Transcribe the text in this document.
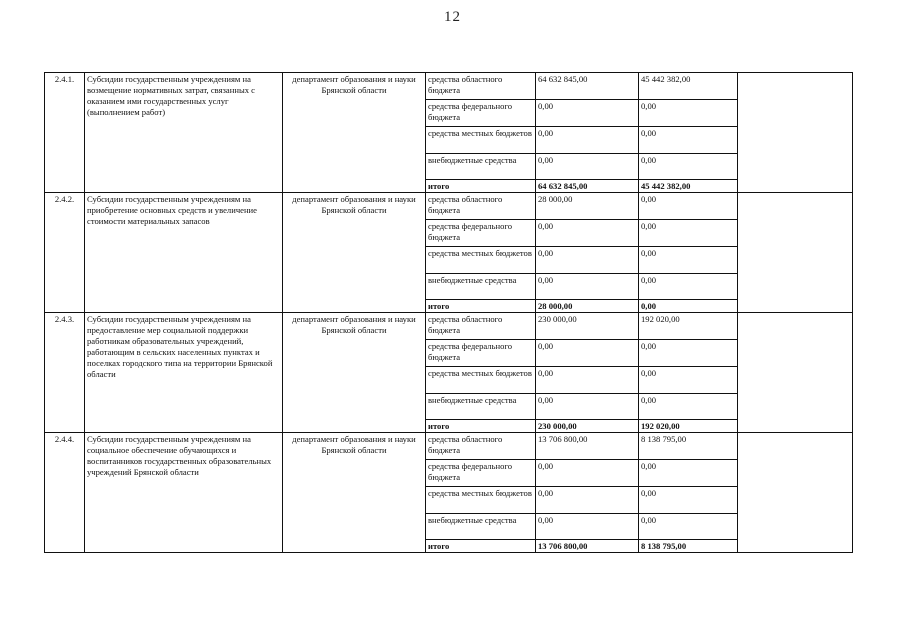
12
2.4.1.	Субсидии государственным учреждениям на возмещение нормативных затрат, связанных с оказанием ими государственных услуг (выполнением работ)	департамент образования и науки Брянской области	средства областного бюджета	64 632 845,00	45 442 382,00	
			средства федерального бюджета	0,00	0,00	
			средства местных бюджетов	0,00	0,00	
			внебюджетные средства	0,00	0,00	
			итого	64 632 845,00	45 442 382,00	
2.4.2.	Субсидии государственным учреждениям на приобретение основных средств и увеличение стоимости материальных запасов	департамент образования и науки Брянской области	средства областного бюджета	28 000,00	0,00	
			средства федерального бюджета	0,00	0,00	
			средства местных бюджетов	0,00	0,00	
			внебюджетные средства	0,00	0,00	
			итого	28 000,00	0,00	
2.4.3.	Субсидии государственным учреждениям на предоставление мер социальной поддержки работникам образовательных учреждений, работающим в сельских населенных пунктах и поселках городского типа на территории Брянской области	департамент образования и науки Брянской области	средства областного бюджета	230 000,00	192 020,00	
			средства федерального бюджета	0,00	0,00	
			средства местных бюджетов	0,00	0,00	
			внебюджетные средства	0,00	0,00	
			итого	230 000,00	192 020,00	
2.4.4.	Субсидии государственным учреждениям на социальное обеспечение обучающихся и воспитанников государственных образовательных учреждений Брянской области	департамент образования и науки Брянской области	средства областного бюджета	13 706 800,00	8 138 795,00	
			средства федерального бюджета	0,00	0,00	
			средства местных бюджетов	0,00	0,00	
			внебюджетные средства	0,00	0,00	
			итого	13 706 800,00	8 138 795,00	
